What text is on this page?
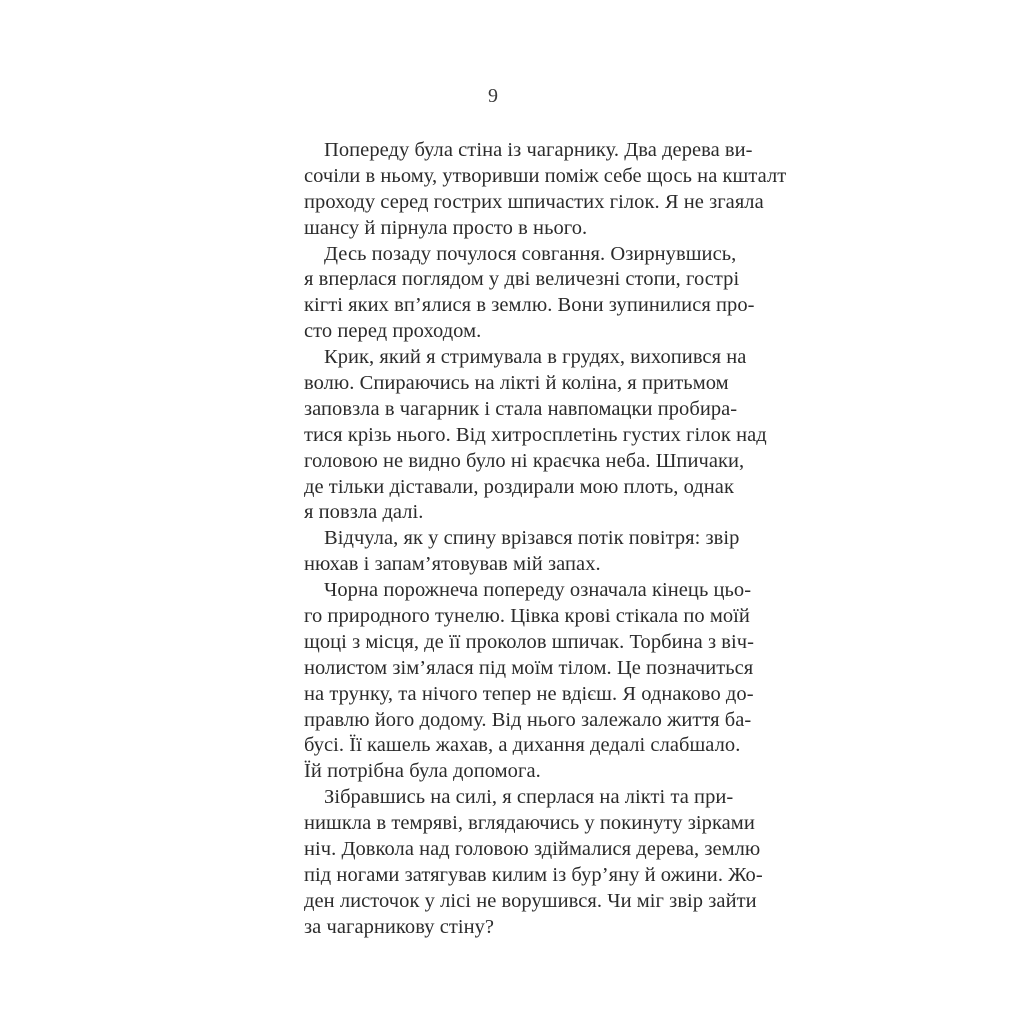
9
Попереду була стіна із чагарнику. Два дерева ви-
сочіли в ньому, утворивши поміж себе щось на кшталт
проходу серед гострих шпичастих гілок. Я не згаяла
шансу й пірнула просто в нього.
Десь позаду почулося совгання. Озирнувшись,
я вперлася поглядом у дві величезні стопи, гострі
кігті яких вп’ялися в землю. Вони зупинилися про-
сто перед проходом.
Крик, який я стримувала в грудях, вихопився на
волю. Спираючись на лікті й коліна, я притьмом
заповзла в чагарник і стала навпомацки пробира-
тися крізь нього. Від хитросплетінь густих гілок над
головою не видно було ні краєчка неба. Шпичаки,
де тільки діставали, роздирали мою плоть, однак
я повзла далі.
Відчула, як у спину врізався потік повітря: звір
нюхав і запам’ятовував мій запах.
Чорна порожнеча попереду означала кінець цьо-
го природного тунелю. Цівка крові стікала по моїй
щоці з місця, де її проколов шпичак. Торбина з віч-
нолистом зім’ялася під моїм тілом. Це позначиться
на трунку, та нічого тепер не вдієш. Я однаково до-
правлю його додому. Від нього залежало життя ба-
бусі. Її кашель жахав, а дихання дедалі слабшало.
Їй потрібна була допомога.
Зібравшись на силі, я сперлася на лікті та при-
нишкла в темряві, вглядаючись у покинуту зірками
ніч. Довкола над головою здіймалися дерева, землю
під ногами затягував килим із бур’яну й ожини. Жо-
ден листочок у лісі не ворушився. Чи міг звір зайти
за чагарникову стіну?
